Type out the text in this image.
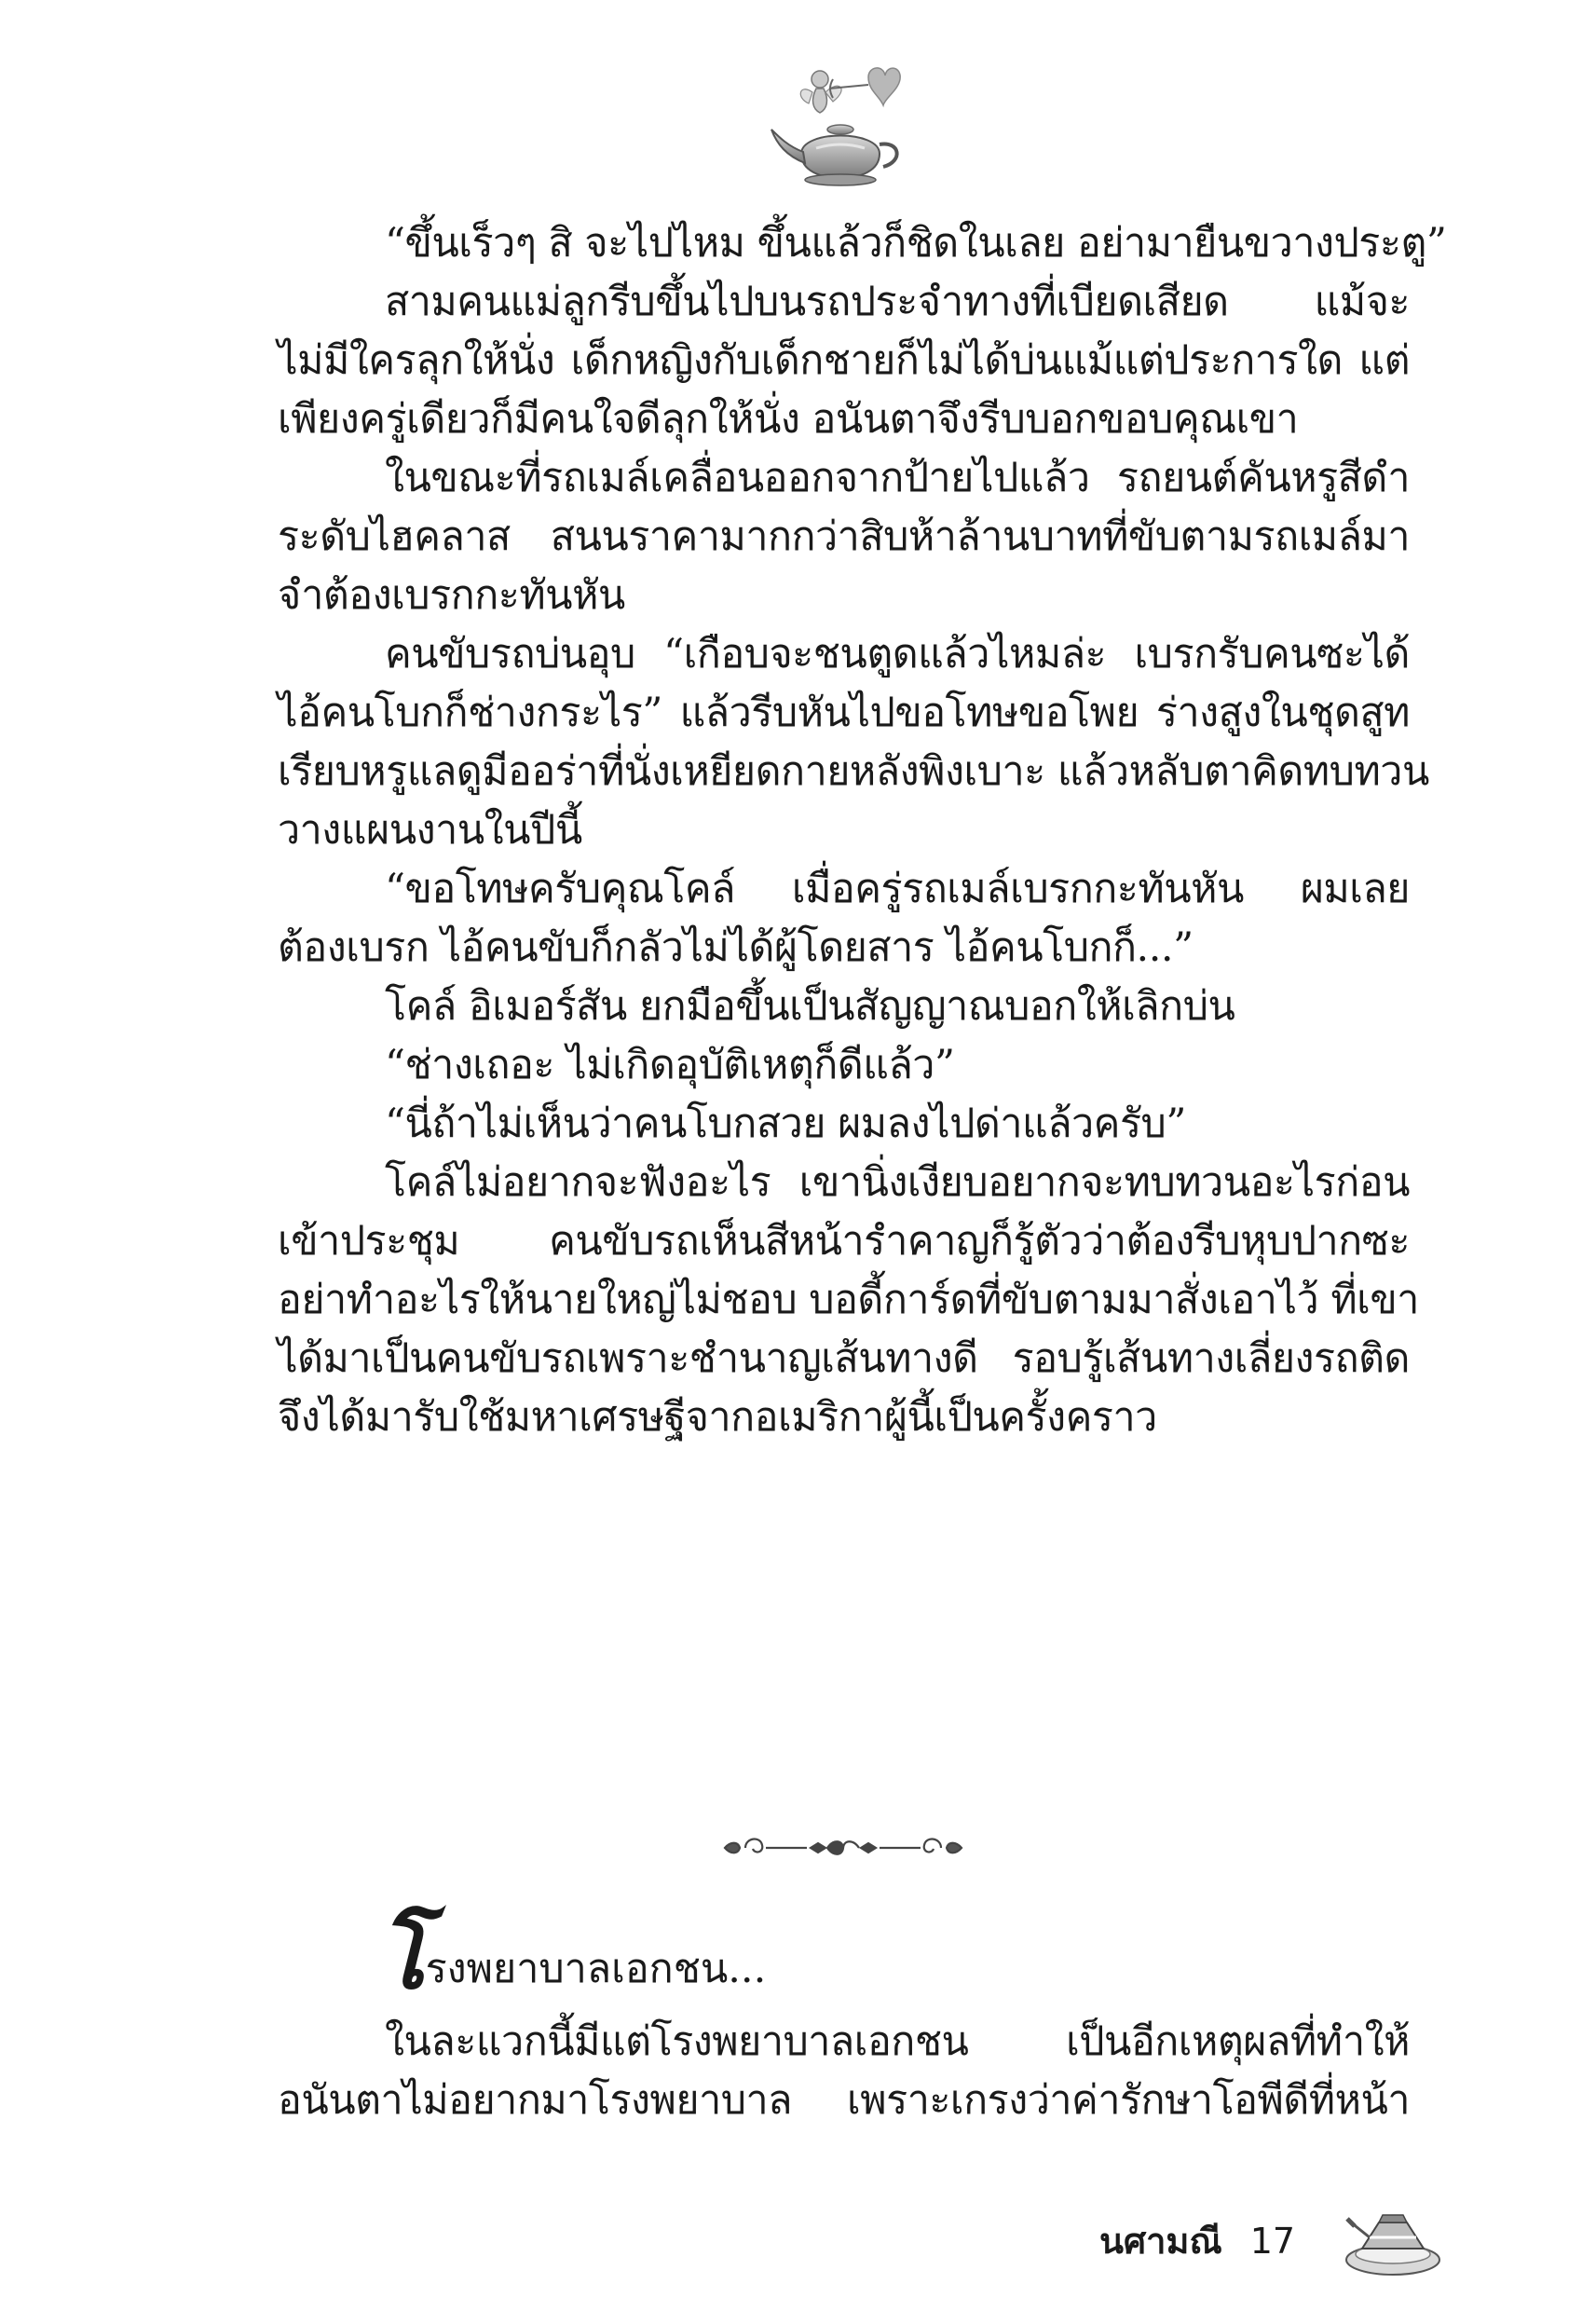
“ขึ้นเร็วๆ สิ จะไปไหม ขึ้นแล้วก็ชิดในเลย อย่ามายืนขวางประตู”
สามคนแม่ลูกรีบขึ้นไปบนรถประจำทางที่เบียดเสียด แม้จะ
ไม่มีใครลุกให้นั่ง เด็กหญิงกับเด็กชายก็ไม่ได้บ่นแม้แต่ประการใด แต่
เพียงครู่เดียวก็มีคนใจดีลุกให้นั่ง อนันตาจึงรีบบอกขอบคุณเขา
ในขณะที่รถเมล์เคลื่อนออกจากป้ายไปแล้ว รถยนต์คันหรูสีดำ
ระดับไฮคลาส สนนราคามากกว่าสิบห้าล้านบาทที่ขับตามรถเมล์มา
จำต้องเบรกกะทันหัน
คนขับรถบ่นอุบ “เกือบจะชนตูดแล้วไหมล่ะ เบรกรับคนซะได้
ไอ้คนโบกก็ช่างกระไร” แล้วรีบหันไปขอโทษขอโพย ร่างสูงในชุดสูท
เรียบหรูแลดูมีออร่าที่นั่งเหยียดกายหลังพิงเบาะ แล้วหลับตาคิดทบทวน
วางแผนงานในปีนี้
“ขอโทษครับคุณโคล์ เมื่อครู่รถเมล์เบรกกะทันหัน ผมเลย
ต้องเบรก ไอ้คนขับก็กลัวไม่ได้ผู้โดยสาร ไอ้คนโบกก็...”
โคล์ อิเมอร์สัน ยกมือขึ้นเป็นสัญญาณบอกให้เลิกบ่น
“ช่างเถอะ ไม่เกิดอุบัติเหตุก็ดีแล้ว”
“นี่ถ้าไม่เห็นว่าคนโบกสวย ผมลงไปด่าแล้วครับ”
โคล์ไม่อยากจะฟังอะไร เขานิ่งเงียบอยากจะทบทวนอะไรก่อน
เข้าประชุม คนขับรถเห็นสีหน้ารำคาญก็รู้ตัวว่าต้องรีบหุบปากซะ
อย่าทำอะไรให้นายใหญ่ไม่ชอบ บอดี้การ์ดที่ขับตามมาสั่งเอาไว้ ที่เขา
ได้มาเป็นคนขับรถเพราะชำนาญเส้นทางดี รอบรู้เส้นทางเลี่ยงรถติด
จึงได้มารับใช้มหาเศรษฐีจากอเมริกาผู้นี้เป็นครั้งคราว
โรงพยาบาลเอกชน...
ในละแวกนี้มีแต่โรงพยาบาลเอกชน เป็นอีกเหตุผลที่ทำให้
อนันตาไม่อยากมาโรงพยาบาล เพราะเกรงว่าค่ารักษาโอพีดีที่หน้า
นศามณี 17
